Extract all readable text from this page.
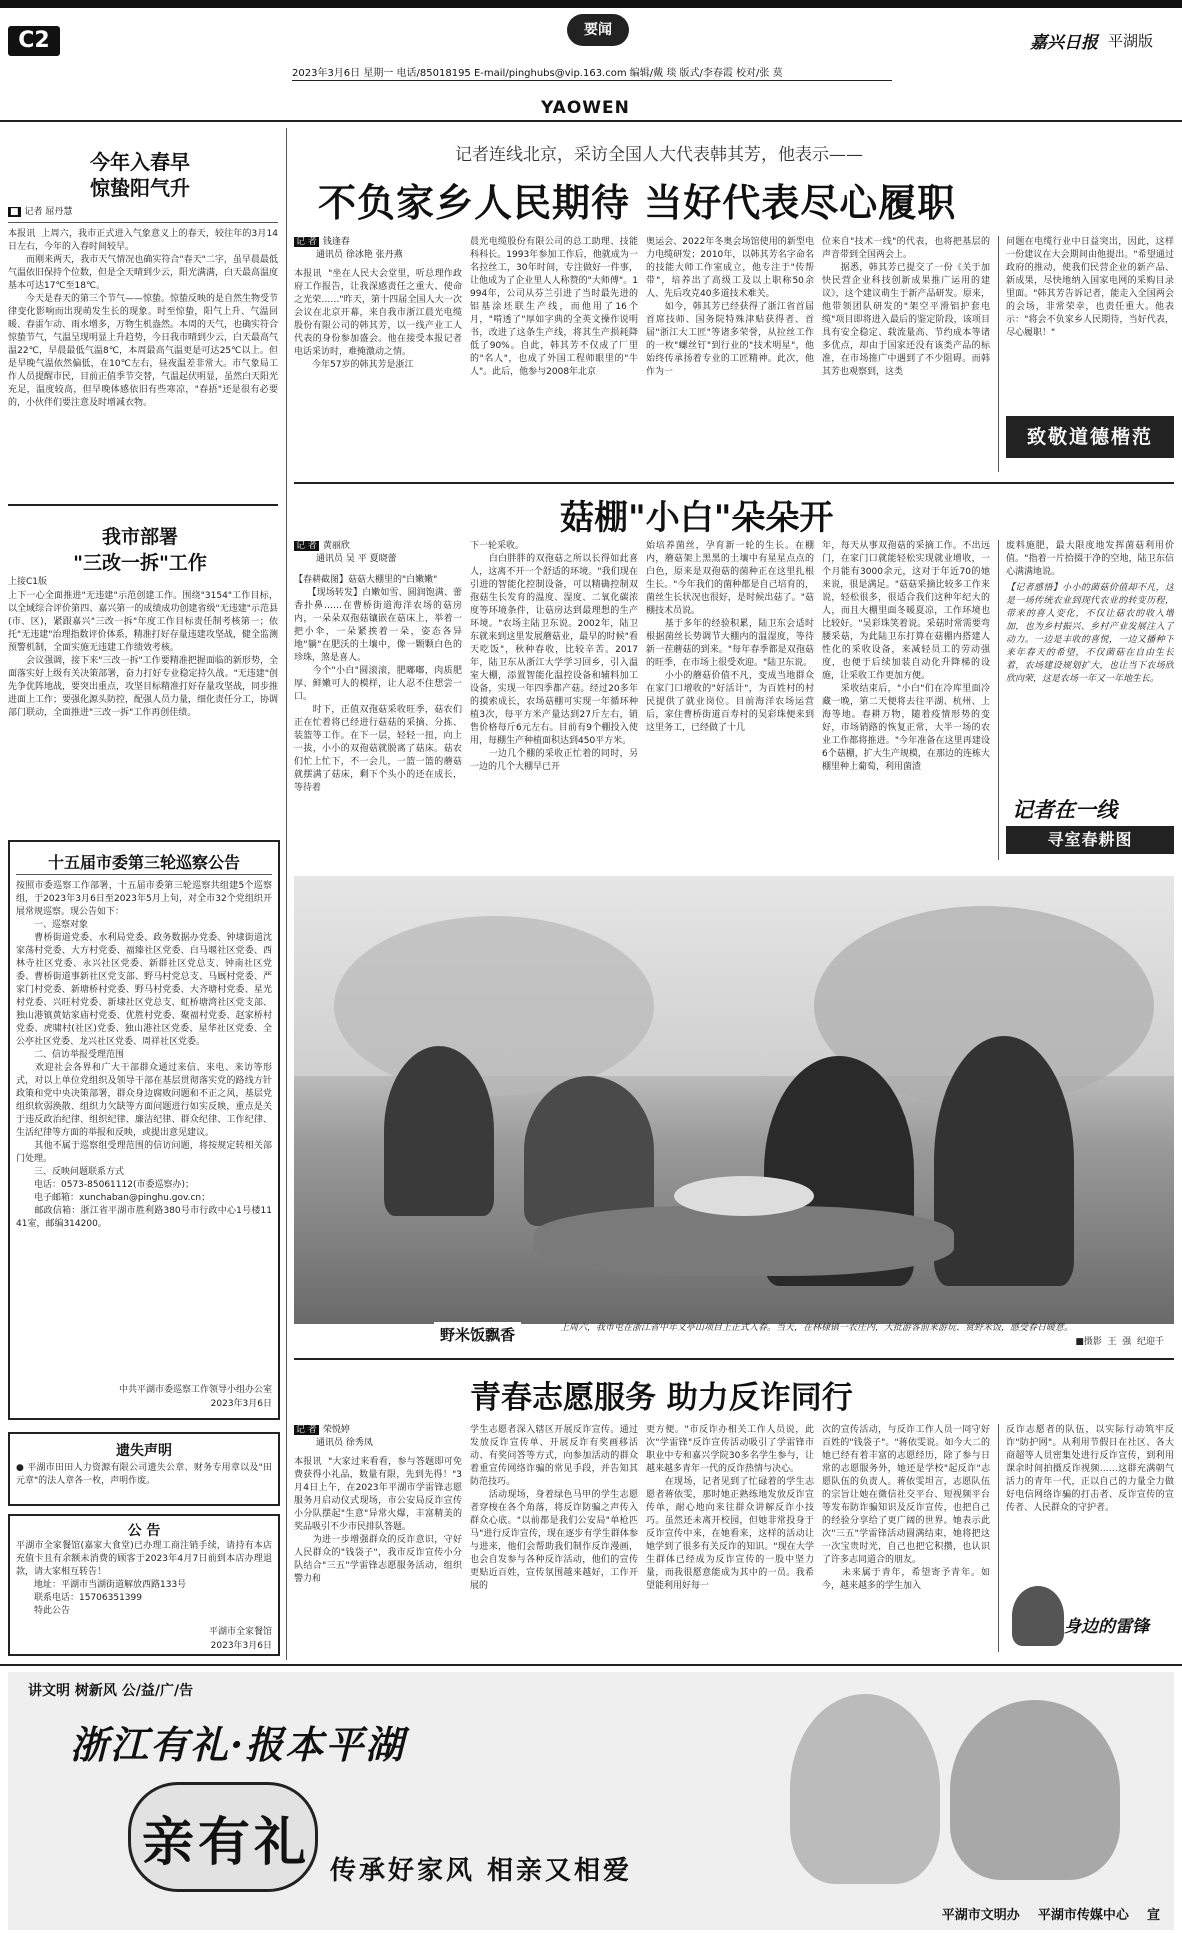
C2	要闻
嘉兴日报 平湖版
2023年3月6日 星期一 电话/85018195 E-mail/pinghubs@vip.163.com 编辑/戴 琰 版式/李春霞 校对/张 莫
YAOWEN
今年入春早
惊蛰阳气升
■ 记者 屈丹慧
本报讯  上周六，我市正式进入气象意义上的春天，较往年的3月14日左右，今年的入春时间较早。
　　而刚来两天，我市天气情况也确实符合"春天"二字，虽早晨最低气温依旧保持个位数，但是全天晴到少云，阳光满满，白天最高温度基本可达17℃至18℃。
　　今天是春天的第三个节气——惊蛰。惊蛰反映的是自然生物受节律变化影响而出现萌发生长的现象。时至惊蛰，阳气上升、气温回暖、春雷乍动、雨水增多，万物生机盎然。本周的天气，也确实符合惊蛰节气，气温呈现明显上升趋势，今日我市晴到少云，白天最高气温22℃，早晨最低气温8℃，本周最高气温更是可达25℃以上。但是早晚气温依然偏低，在10℃左右，昼夜温差非常大。市气象局工作人员提醒市民，目前正值季节交替，气温起伏明显，虽然白天阳光充足，温度较高，但早晚体感依旧有些寒凉，"春捂"还是很有必要的，小伙伴们要注意及时增减衣物。
我市部署
"三改一拆"工作
上接C1版
上下一心全面推进"无违建"示范创建工作。围绕"3154"工作目标，以全域综合评价第四、嘉兴第一的成绩成功创建省级"无违建"示范县(市、区)，紧跟嘉兴"三改一拆"年度工作目标责任制考核第一；依托"无违建"治理指数评价体系，精准打好存量违建攻坚战，健全监测预警机制，全面实施无违建工作绩效考核。
　　会议强调，接下来"三改一拆"工作要精准把握面临的新形势，全面落实好上级有关决策部署，奋力打好专业稳定持久战。"无违建"创先争优阵地战，要突出重点，攻坚目标精准打好存量攻坚战，同步推进面上工作；要强化源头防控，配强人员力量，细化责任分工，协调部门联动，全面推进"三改一拆"工作再创佳绩。
十五届市委第三轮巡察公告
按照市委巡察工作部署，十五届市委第三轮巡察共组建5个巡察组，于2023年3月6日至2023年5月上旬，对全市32个党组织开展常规巡察。现公告如下：
　　一、巡察对象
　　曹桥街道党委、水利局党委、政务数据办党委、钟埭街道沈家荡村党委、大方村党委、福臻社区党委、白马堰社区党委、西林寺社区党委、永兴社区党委、新群社区党总支、钟南社区党委、曹桥街道事新社区党支部、野马村党总支、马厩村党委、严家门村党委、新塘桥村党委、野马村党委、大齐塘村党委、星光村党委、兴旺村党委、新埭社区党总支、虹桥塘湾社区党支部、独山港镇黄姑家庙村党委、优胜村党委、聚福村党委、赵家桥村党委、虎啸村(社区)党委、独山港社区党委、星华社区党委、全公亭社区党委、龙兴社区党委、周祥社区党委。
　　二、信访举报受理范围
　　欢迎社会各界和广大干部群众通过来信、来电、来访等形式，对以上单位党组织及领导干部在基层贯彻落实党的路线方针政策和党中央决策部署，群众身边腐败问题和不正之风，基层党组织软弱涣散、组织力欠缺等方面问题进行如实反映，重点是关于违反政治纪律、组织纪律、廉洁纪律、群众纪律、工作纪律、生活纪律等方面的举报和反映，或提出意见建议。
　　其他不属于巡察组受理范围的信访问题，将按规定转相关部门处理。
　　三、反映问题联系方式
　　电话：0573-85061112(市委巡察办)；
　　电子邮箱：xunchaban@pinghu.gov.cn；
　　邮政信箱：浙江省平湖市胜利路380号市行政中心1号楼1141室，邮编314200。
中共平湖市委巡察工作领导小组办公室
2023年3月6日
遗失声明
● 平湖市田田人力资源有限公司遗失公章、财务专用章以及"田元章"的法人章各一枚，声明作废。
公 告
平湖市全家餐馆(嘉家大食堂)已办理工商注销手续，请持有本店充值卡且有余额未消费的顾客于2023年4月7日前到本店办理退款，请大家相互转告！
　　地址：平湖市当湖街道解放西路133号
　　联系电话：15706351399
　　特此公告
平湖市全家餐馆
2023年3月6日
记者连线北京，采访全国人大代表韩其芳，他表示——
不负家乡人民期待 当好代表尽心履职
记 者 钱逢春
通讯员 徐冰艳 张丹燕
本报讯  "坐在人民大会堂里，听总理作政府工作报告，让我深感责任之重大、使命之光荣……"昨天，第十四届全国人大一次会议在北京开幕，来自我市浙江晨光电缆股份有限公司的韩其芳，以一线产业工人代表的身份参加盛会。他在接受本报记者电话采访时，难掩激动之情。
　　今年57岁的韩其芳是浙江
晨光电缆股份有限公司的总工助理、技能科科长。1993年参加工作后，他就成为一名拉丝工，30年时间，专注做好一件事，让他成为了企业里人人称赞的"大师傅"。1994年，公司从芬兰引进了当时最先进的铝基涂坯联生产线，而他用了16个月，"啃透了"厚如字典的全英文操作说明书，改进了这条生产线，将其生产损耗降低了90%。自此，韩其芳不仅成了厂里的"名人"，也成了外国工程师眼里的"牛人"。此后，他参与2008年北京
奥运会、2022年冬奥会场馆使用的新型电力电缆研发；2010年，以韩其芳名字命名的技能大师工作室成立，他专注于"传帮带"，培养出了高级工及以上职称50余人、先后攻克40多道技术难关。
　　如今，韩其芳已经获得了浙江省首届首席技师、国务院特殊津贴获得者、首届"浙江大工匠"等诸多荣誉，从拉丝工作的一枚"螺丝钉"到行业的"技术明星"，他始终传承扬着专业的工匠精神。此次，他作为一
位来自"技术一线"的代表，也将把基层的声音带到全国两会上。
　　据悉，韩其芳已提交了一份《关于加快民营企业科技创新成果推广运用的建议》，这个建议萌生于新产品研发。原来，他带领团队研发的"架空平滑铝护套电缆"项目即将进入最后的鉴定阶段，该项目具有安全稳定、载流量高、节约成本等诸多优点，却由于国家还没有该类产品的标准，在市场推广中遇到了不少阻碍。而韩其芳也观察到，这类
问题在电缆行业中日益突出，因此，这样一份建议在大会期间由他提出。"希望通过政府的推动，使我们民营企业的新产品、新成果，尽快地纳入国家电网的采购目录里面。"韩其芳告诉记者，能走入全国两会的会场，非常荣幸，也责任重大。他表示："将会不负家乡人民期待，当好代表，尽心履职！"
致敬道德楷范
菇棚"小白"朵朵开
记 者 黄丽欣
通讯员 吴 平 夏晓蕾
【春耕截图】菇菇大棚里的"白嫩嫩"
　　【现场转发】白嫩如雪、圆润饱满、蕾香扑鼻……在曹桥街道海洋农场的菇房内，一朵朵双孢菇镶嵌在菇床上，举着一把小伞，一朵紧挨着一朵，姿态各异地"躺"在肥沃的土壤中，像一颗颗白色的珍珠，煞是喜人。
　　今个"小白"圆滚滚，肥嘟嘟，肉质肥厚、鲜嫩可人的模样，让人忍不住想尝一口。
　　时下，正值双孢菇采收旺季，菇农们正在忙着将已经进行菇菇的采摘、分拣、装篮等工作。在下一层，轻轻一扭，向上一拔，小小的双孢菇就脱离了菇床。菇农们忙上忙下，不一会儿，一篮一篮的蘑菇就摆满了菇床，剩下个头小的还在成长，等待着
下一轮采收。
　　白白胖胖的双孢菇之所以长得如此喜人，这离不开一个舒适的环境。"我们现在引进的智能化控制设备，可以精确控制双孢菇生长发育的温度、湿度、二氧化碳浓度等环境条件，让菇房达到最理想的生产环境。"农场主陆卫东说。2002年，陆卫东就来到这里发展蘑菇业，最早的时候"看天吃饭"，秋种春收，比较辛苦。2017年，陆卫东从浙江大学学习回乡，引入温室大棚，添置智能化温控设备和辅料加工设备，实现一年四季都产菇。经过20多年的摸索成长，农场菇棚可实现一年循环种植3次，每平方米产量达到27斤左右，销售价格每斤6元左右。目前有9个棚投入使用，每棚生产种植面积达到450平方米。
　　一边几个棚的采收正忙着的同时，另一边的几个大棚早已开
始培养菌丝，孕育新一轮的生长。在棚内，蘑菇架上黑黑的土壤中有星星点点的白色，原来是双孢菇的菌种正在这里扎根生长。"今年我们的菌种都是自己培育的，菌丝生长状况也很好，是时候出菇了。"菇棚技术员说。
　　基于多年的经验积累，陆卫东会适时根据菌丝长势调节大棚内的温湿度，等待新一茬蘑菇的到来。"每年春季都是双孢菇的旺季，在市场上很受欢迎。"陆卫东说。
　　小小的蘑菇价值不凡，变成当地群众在家门口增收的"好活计"，为百姓村的村民提供了就业岗位。目前海洋农场运营后，家住曹桥街道百寿村的吴彩珠便来到这里务工，已经做了十几
年，每天从事双孢菇的采摘工作。不出远门，在家门口就能轻松实现就业增收，一个月能有3000余元，这对于年近70的她来说，很是满足。"菇菇采摘比较多工作来说，轻松很多，很适合我们这种年纪大的人，而且大棚里面冬暖夏凉，工作环境也比较好。"吴彩珠笑着说。采菇时常需要弯腰采菇，为此陆卫东打算在菇棚内搭建人性化的采收设备，来减轻员工的劳动强度，也便于后续加装自动化升降梯的设施，让采收工作更加方便。
　　采收结束后，"小白"们在冷库里面冷藏一晚，第二天便将去往平湖、杭州、上海等地。春耕万物，随着疫情形势的变好，市场销路的恢复正常，大半一场的农业工作都将推进。"今年准备在这里再建设6个菇棚，扩大生产规模，在那边的连栋大棚里种上葡萄，利用菌渣
废料施肥，最大限度地发挥菌菇利用价值。"指着一片拾掇干净的空地，陆卫东信心满满地说。
【记者感悟】小小的菌菇价值却不凡，这是一场传统农业到现代农业的转变历程，带来的喜人变化，不仅让菇农的收入增加，也为乡村振兴、乡村产业发展注入了动力。一边是丰收的喜悦，一边又播种下来年春天的希望，不仅菌菇在自由生长着，农场建设规划扩大，也让当下农场欣欣向荣，这是农场一年又一年地生长。
记者在一线
寻室春耕图
野米饭飘香	上周六，我市屯在浙江省中年义亭山项目上正式入春。当天，在林棣镇一农庄内，大批游客前来游玩、赏野米饭，感受春日暖意。
■摄影  王  强  纪迎千
青春志愿服务 助力反诈同行
记 者 荣悦婷
通讯员 徐秀凤
本报讯  "大家过来看看，参与答题即可免费获得小礼品，数量有限，先到先得！"3月4日上午，在2023年平湖市学雷锋志愿服务月启动仪式现场，市公安局反诈宣传小分队摆起"生意"异常火爆，丰富精美的奖品吸引不少市民排队答题。
　　为进一步增强群众的反诈意识，守好人民群众的"钱袋子"，我市反诈宣传小分队结合"三五"学雷锋志愿服务活动，组织警力和
学生志愿者深入辖区开展反诈宣传。通过发放反诈宣传单、开展反诈有奖画移活动、有奖问答等方式，向参加活动的群众着重宣传网络诈骗的常见手段，并告知其防范技巧。
　　活动现场，身着绿色马甲的学生志愿者穿梭在各个角落，将反诈防骗之声传入群众心底。"以前都是我们公安局"单枪匹马"进行反诈宣传，现在逐步有学生群体参与进来，他们会帮助我们制作反诈漫画，也会自发参与各种反诈活动，他们的宣传更贴近百姓，宣传氛围越来越好，工作开展的
更方便。"市反诈办相关工作人员说，此次"学雷锋"反诈宣传活动吸引了学雷锋市职业中专和嘉兴学院30多名学生参与，让越来越多青年一代的反诈热情与决心。
　　在现场，记者见到了忙碌着的学生志愿者蒋依雯，那时她正熟练地发放反诈宣传单，耐心地向来往群众讲解反诈小技巧。虽然还未离开校园，但她非常投身于反诈宣传中来，在她看来，这样的活动让她学到了很多有关反诈的知识。"现在大学生群体已经成为反诈宣传的一股中坚力量，而我很愿意能成为其中的一员。我希望能利用好每一
次的宣传活动，与反诈工作人员一同守好百姓的"钱袋子"。"蒋依雯说。如今大二的她已经有着丰富的志愿经历，除了参与日常的志愿服务外，她还是学校"起反诈"志愿队伍的负责人。蒋依雯坦言，志愿队伍的宗旨让她在微信社交平台、短视频平台等发布防诈骗知识及反诈宣传，也把自己的经验分享给了更广阔的世界。她表示此次"三五"学雷锋活动圆满结束，她将把这一次宝贵时光，自己也把它积攒，也认识了许多志同道合的朋友。
　　未来属于青年，希望寄予青年。如今，越来越多的学生加入
反诈志愿者的队伍，以实际行动筑牢反诈"防护网"。从利用节假日在社区、各大商超等人员密集处进行反诈宣传，到利用课余时间拍摄反诈视频……这群充满朝气活力的青年一代，正以自己的力量全力做好电信网络诈骗的打击者、反诈宣传的宣传者、人民群众的守护者。
身边的雷锋
讲文明 树新风 公/益/广/告
浙江有礼·报本平湖
亲有礼 传承好家风 相亲又相爱
平湖市文明办    平湖市传媒中心    宣
